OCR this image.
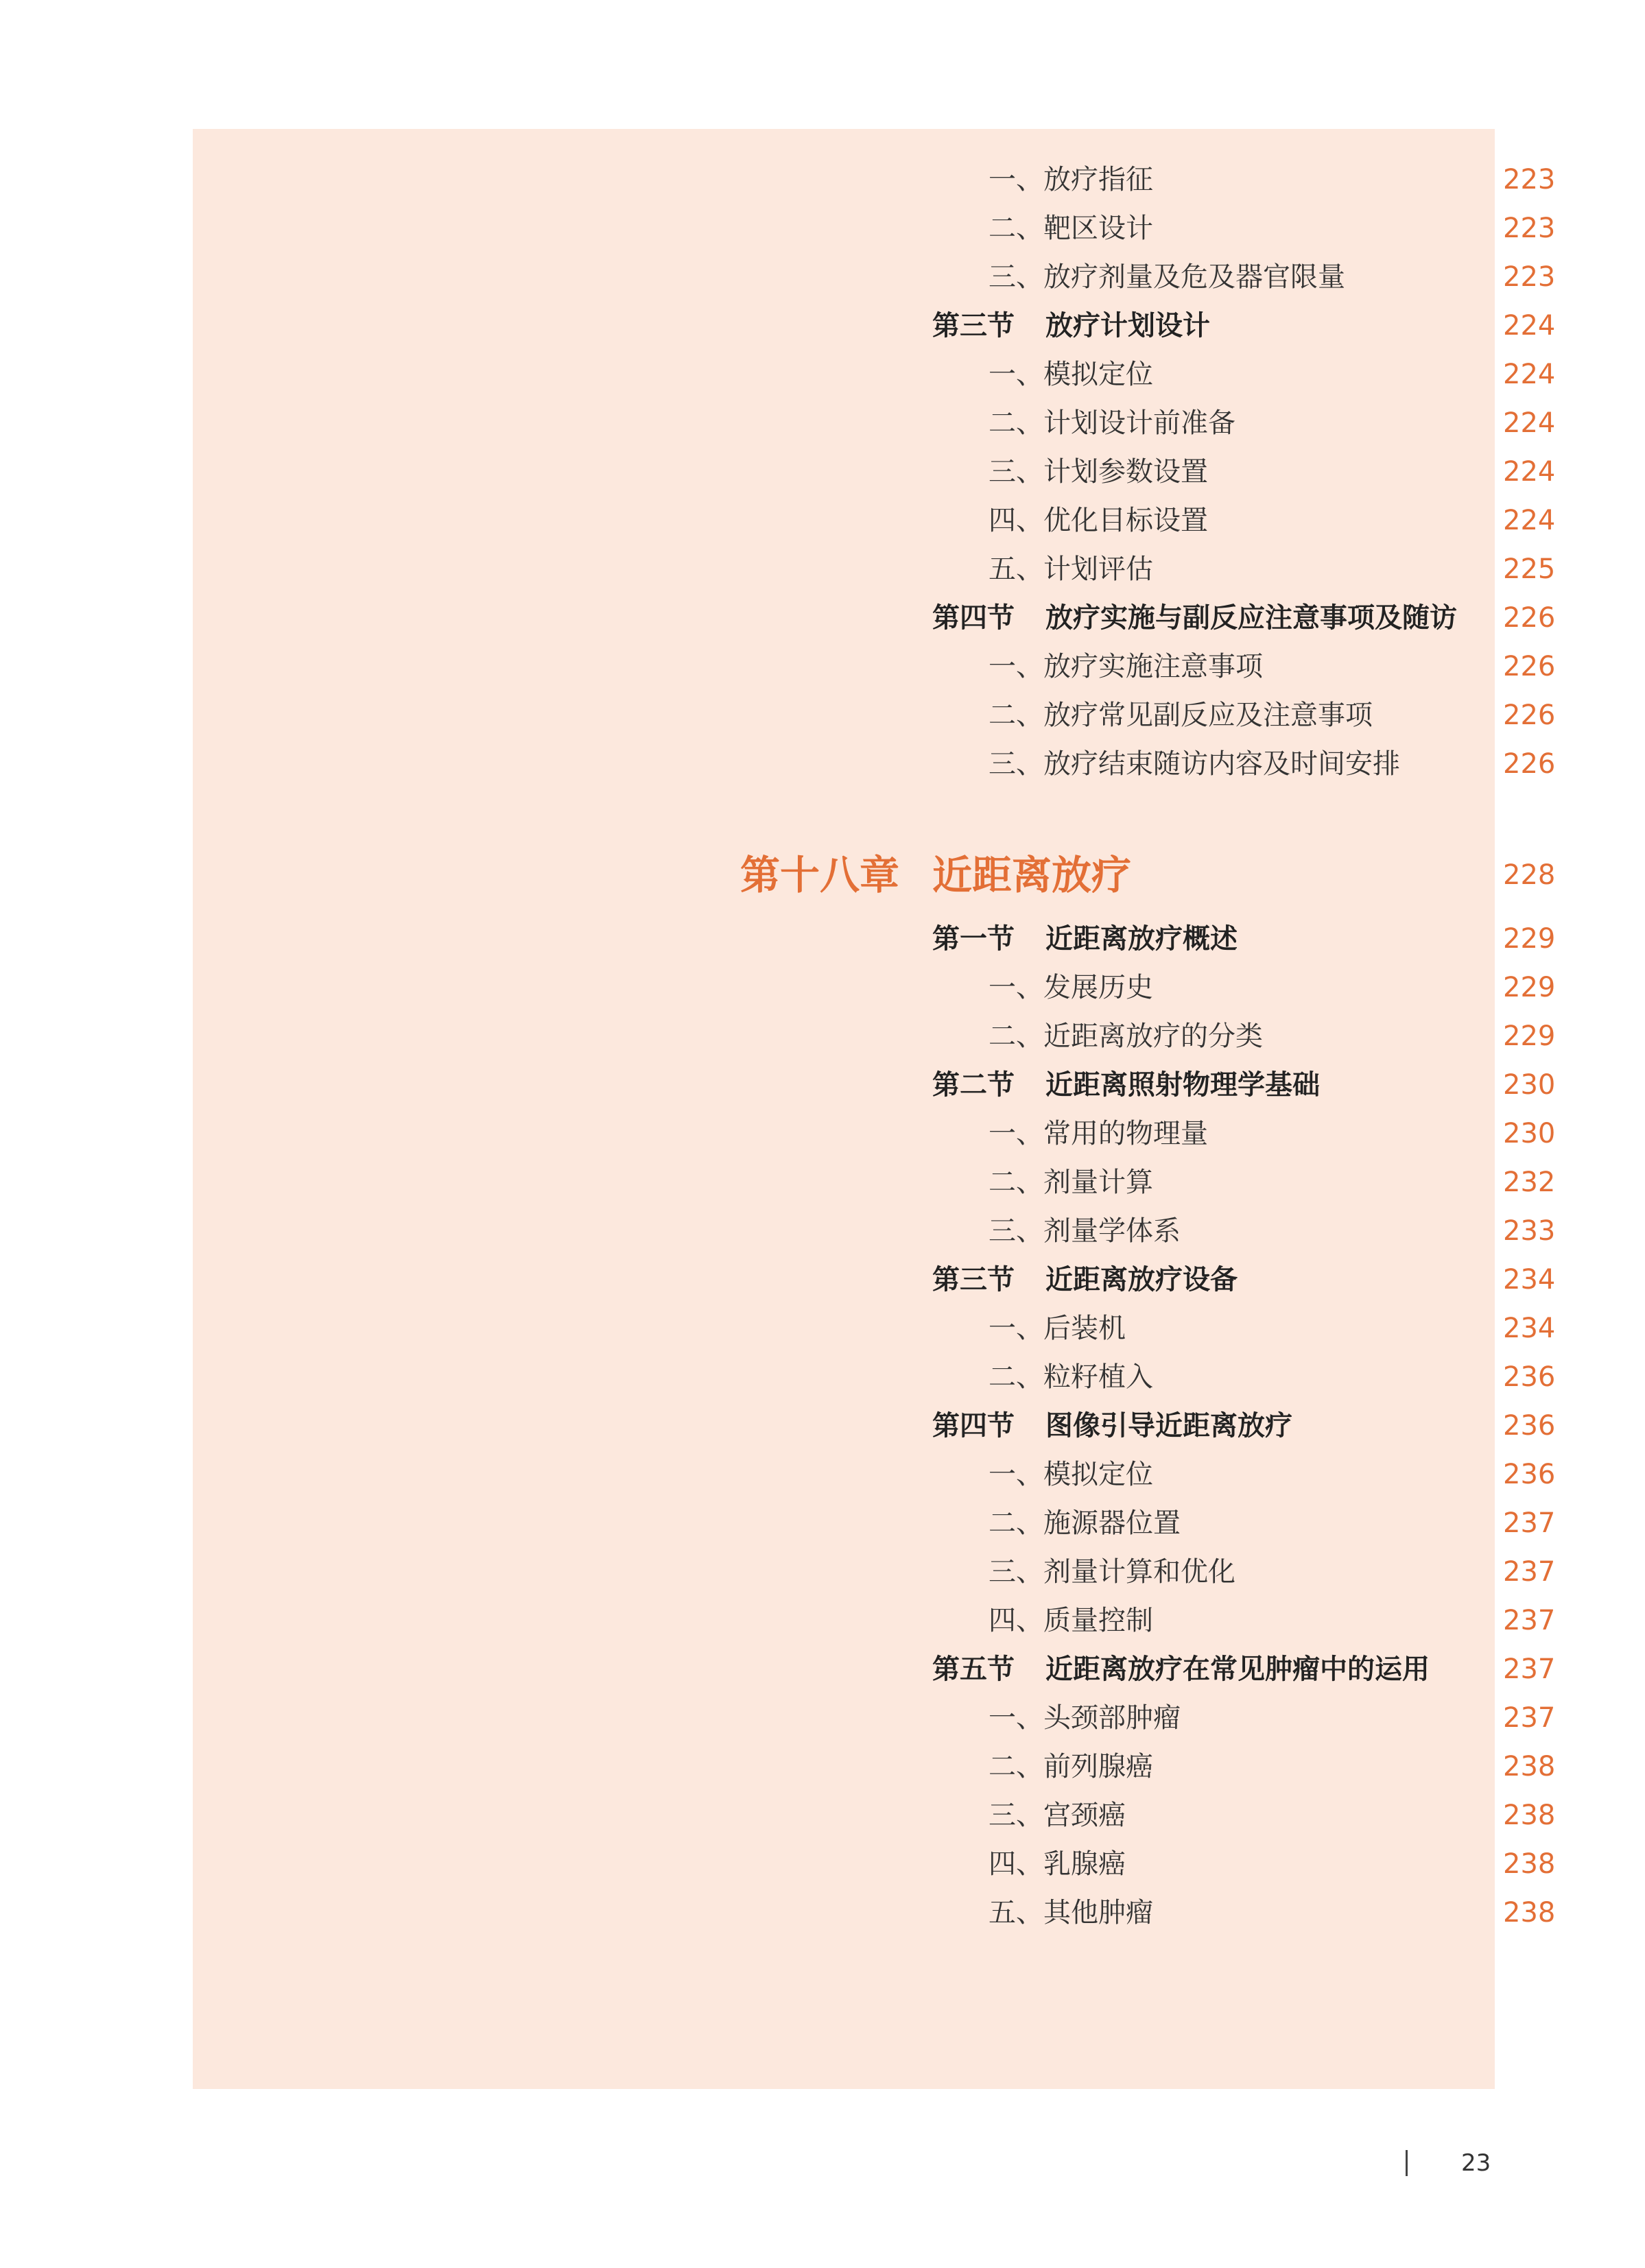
一、放疗指征	223
二、靶区设计	223
三、放疗剂量及危及器官限量	223
第三节 放疗计划设计	224
一、模拟定位	224
二、计划设计前准备	224
三、计划参数设置	224
四、优化目标设置	224
五、计划评估	225
第四节 放疗实施与副反应注意事项及随访 226
一、放疗实施注意事项	226
二、放疗常见副反应及注意事项	226
三、放疗结束随访内容及时间安排	226
第十八章 近距离放疗	228
第一节 近距离放疗概述	229
一、发展历史	229
二、近距离放疗的分类	229
第二节 近距离照射物理学基础	230
一、常用的物理量	230
二、剂量计算	232
三、剂量学体系	233
第三节 近距离放疗设备	234
一、后装机	234
二、粒籽植入	236
第四节 图像引导近距离放疗	236
一、模拟定位	236
二、施源器位置	237
三、剂量计算和优化	237
四、质量控制	237
第五节 近距离放疗在常见肿瘤中的运用	237
一、头颈部肿瘤	237
二、前列腺癌	238
三、宫颈癌	238
四、乳腺癌	238
五、其他肿瘤	238
23
